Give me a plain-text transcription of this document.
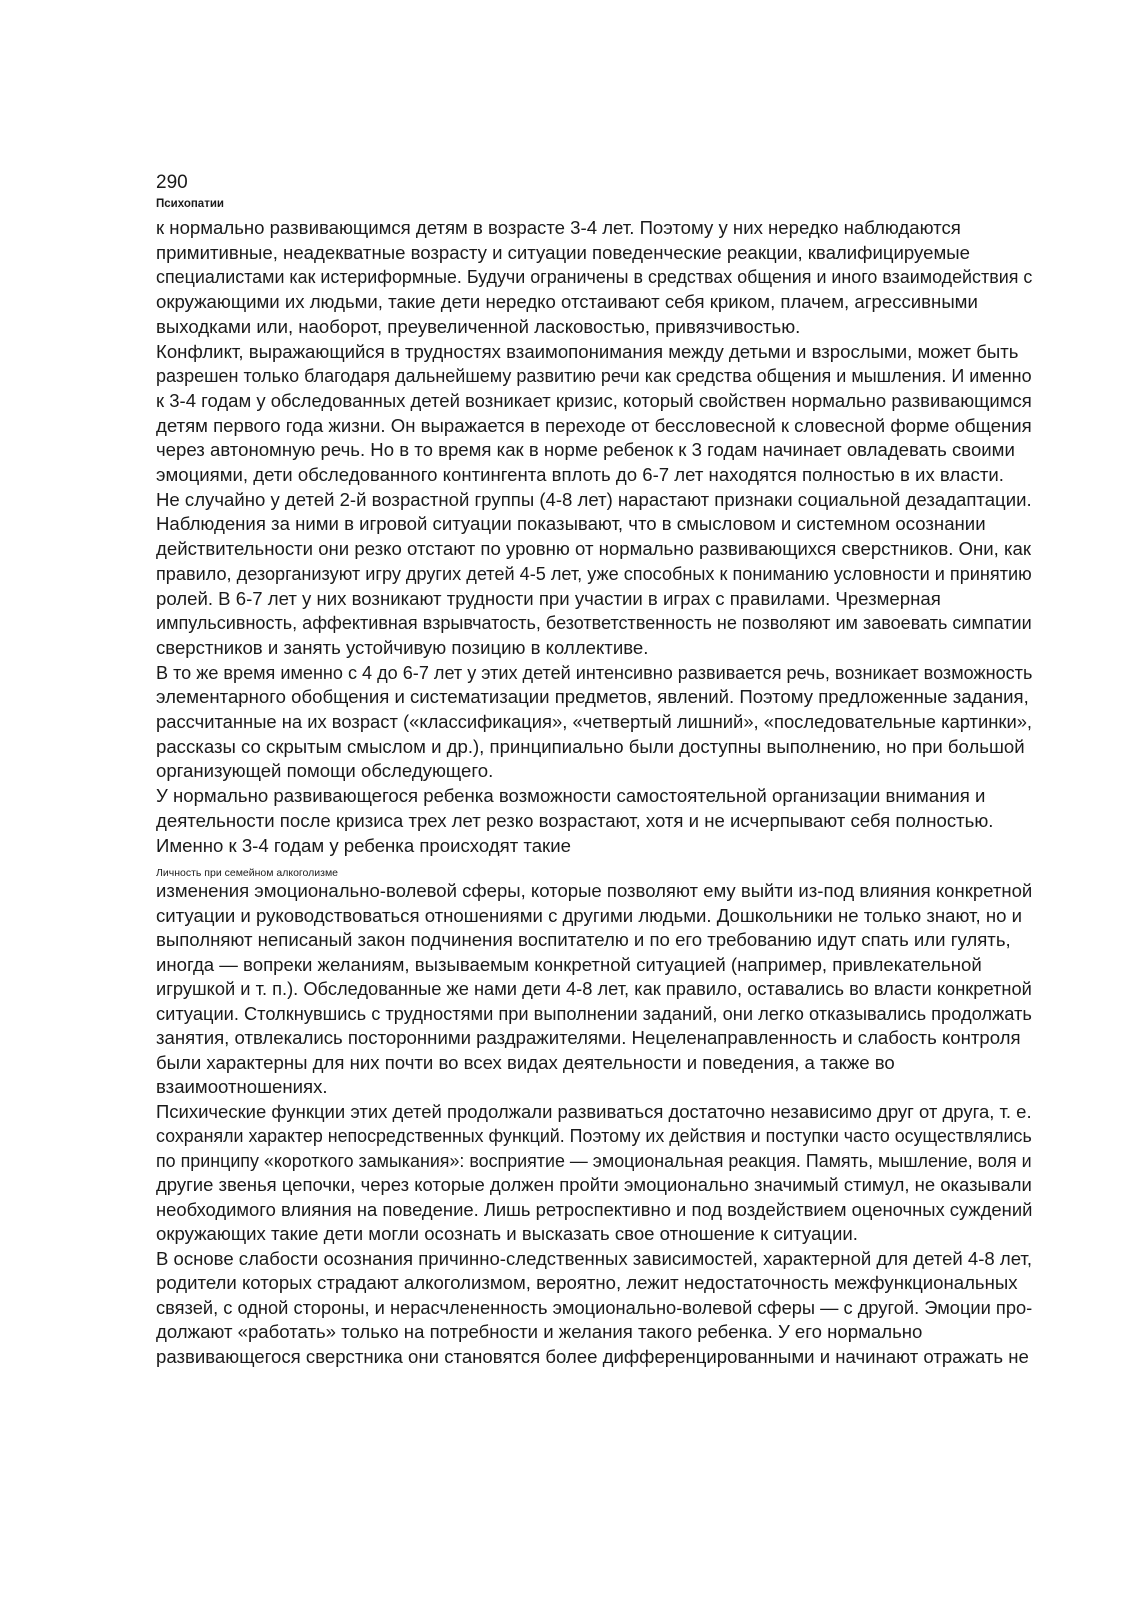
290
Психопатии
к нормально развивающимся детям в возрасте 3-4 лет. Поэтому у них нередко наблюдаются
примитивные, неадекватные возрасту и ситуации поведенческие реакции, квалифицируемые
специалистами как истериформные. Будучи ограничены в средствах общения и иного взаимодействия с
окружающими их людьми, такие дети нередко отстаивают себя криком, плачем, агрессивными
выходками или, наоборот, преувеличенной ласковостью, привязчивостью.
Конфликт, выражающийся в трудностях взаимопонимания между детьми и взрослыми, может быть
разрешен только благодаря дальнейшему развитию речи как средства общения и мышления. И именно
к 3-4 годам у обследованных детей возникает кризис, который свойствен нормально развивающимся
детям первого года жизни. Он выражается в переходе от бессловесной к словесной форме общения
через автономную речь. Но в то время как в норме ребенок к 3 годам начинает овладевать своими
эмоциями, дети обследованного контингента вплоть до 6-7 лет находятся полностью в их власти.
Не случайно у детей 2-й возрастной группы (4-8 лет) нарастают признаки социальной дезадаптации.
Наблюдения за ними в игровой ситуации показывают, что в смысловом и системном осознании
действительности они резко отстают по уровню от нормально развивающихся сверстников. Они, как
правило, дезорганизуют игру других детей 4-5 лет, уже способных к пониманию условности и принятию
ролей. В 6-7 лет у них возникают трудности при участии в играх с правилами. Чрезмерная
импульсивность, аффективная взрывчатость, безответственность не позволяют им завоевать симпатии
сверстников и занять устойчивую позицию в коллективе.
В то же время именно с 4 до 6-7 лет у этих детей интенсивно развивается речь, возникает возможность
элементарного обобщения и систематизации предметов, явлений. Поэтому предложенные задания,
рассчитанные на их возраст («классификация», «четвертый лишний», «последовательные картинки»,
рассказы со скрытым смыслом и др.), принципиально были доступны выполнению, но при большой
организующей помощи обследующего.
У нормально развивающегося ребенка возможности самостоятельной организации внимания и
деятельности после кризиса трех лет резко возрастают, хотя и не исчерпывают себя полностью.
Именно к 3-4 годам у ребенка происходят такие
Личность при семейном алкоголизме
изменения эмоционально-волевой сферы, которые позволяют ему выйти из-под влияния конкретной
ситуации и руководствоваться отношениями с другими людьми. Дошкольники не только знают, но и
выполняют неписаный закон подчинения воспитателю и по его требованию идут спать или гулять,
иногда — вопреки желаниям, вызываемым конкретной ситуацией (например, привлекательной
игрушкой и т. п.). Обследованные же нами дети 4-8 лет, как правило, оставались во власти конкретной
ситуации. Столкнувшись с трудностями при выполнении заданий, они легко отказывались продолжать
занятия, отвлекались посторонними раздражителями. Нецеленаправленность и слабость контроля
были характерны для них почти во всех видах деятельности и поведения, а также во
взаимоотношениях.
Психические функции этих детей продолжали развиваться достаточно независимо друг от друга, т. е.
сохраняли характер непосредственных функций. Поэтому их действия и поступки часто осуществлялись
по принципу «короткого замыкания»: восприятие — эмоциональная реакция. Память, мышление, воля и
другие звенья цепочки, через которые должен пройти эмоционально значимый стимул, не оказывали
необходимого влияния на поведение. Лишь ретроспективно и под воздействием оценочных суждений
окружающих такие дети могли осознать и высказать свое отношение к ситуации.
В основе слабости осознания причинно-следственных зависимостей, характерной для детей 4-8 лет,
родители которых страдают алкоголизмом, вероятно, лежит недостаточность межфункциональных
связей, с одной стороны, и нерасчлененность эмоционально-волевой сферы — с другой. Эмоции про-
должают «работать» только на потребности и желания такого ребенка. У его нормально
развивающегося сверстника они становятся более дифференцированными и начинают отражать не
